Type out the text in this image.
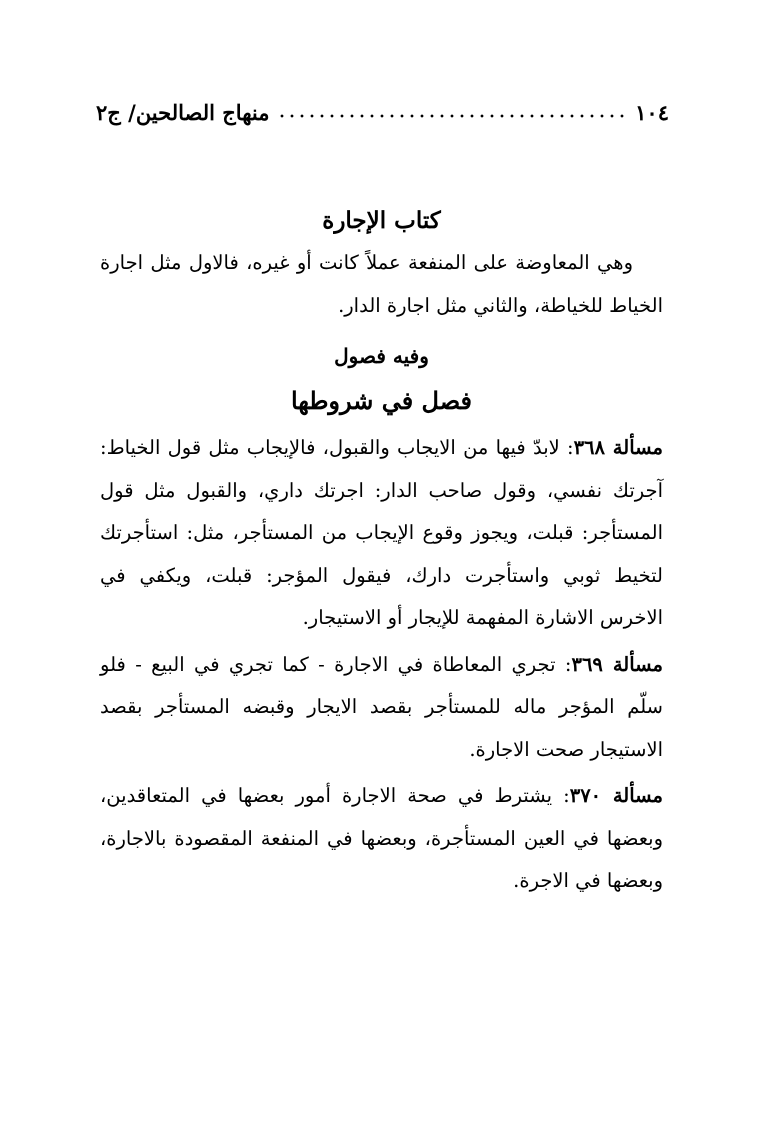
١٠٤
منهاج الصالحين/ ج٢
كتاب الإجارة

وهي المعاوضة على المنفعة عملاً كانت أو غيره، فالاول مثل اجارة الخياط للخياطة، والثاني مثل اجارة الدار.

وفيه فصول
فصل في شروطها

مسألة ٣٦٨: لابدّ فيها من الايجاب والقبول، فالإيجاب مثل قول الخياط: آجرتك نفسي، وقول صاحب الدار: اجرتك داري، والقبول مثل قول المستأجر: قبلت، ويجوز وقوع الإيجاب من المستأجر، مثل: استأجرتك لتخيط ثوبي واستأجرت دارك، فيقول المؤجر: قبلت، ويكفي في الاخرس الاشارة المفهمة للإيجار أو الاستيجار.

مسألة ٣٦٩: تجري المعاطاة في الاجارة - كما تجري في البيع - فلو سلّم المؤجر ماله للمستأجر بقصد الايجار وقبضه المستأجر بقصد الاستيجار صحت الاجارة.

مسألة ٣٧٠: يشترط في صحة الاجارة أمور بعضها في المتعاقدين، وبعضها في العين المستأجرة، وبعضها في المنفعة المقصودة بالاجارة، وبعضها في الاجرة.
